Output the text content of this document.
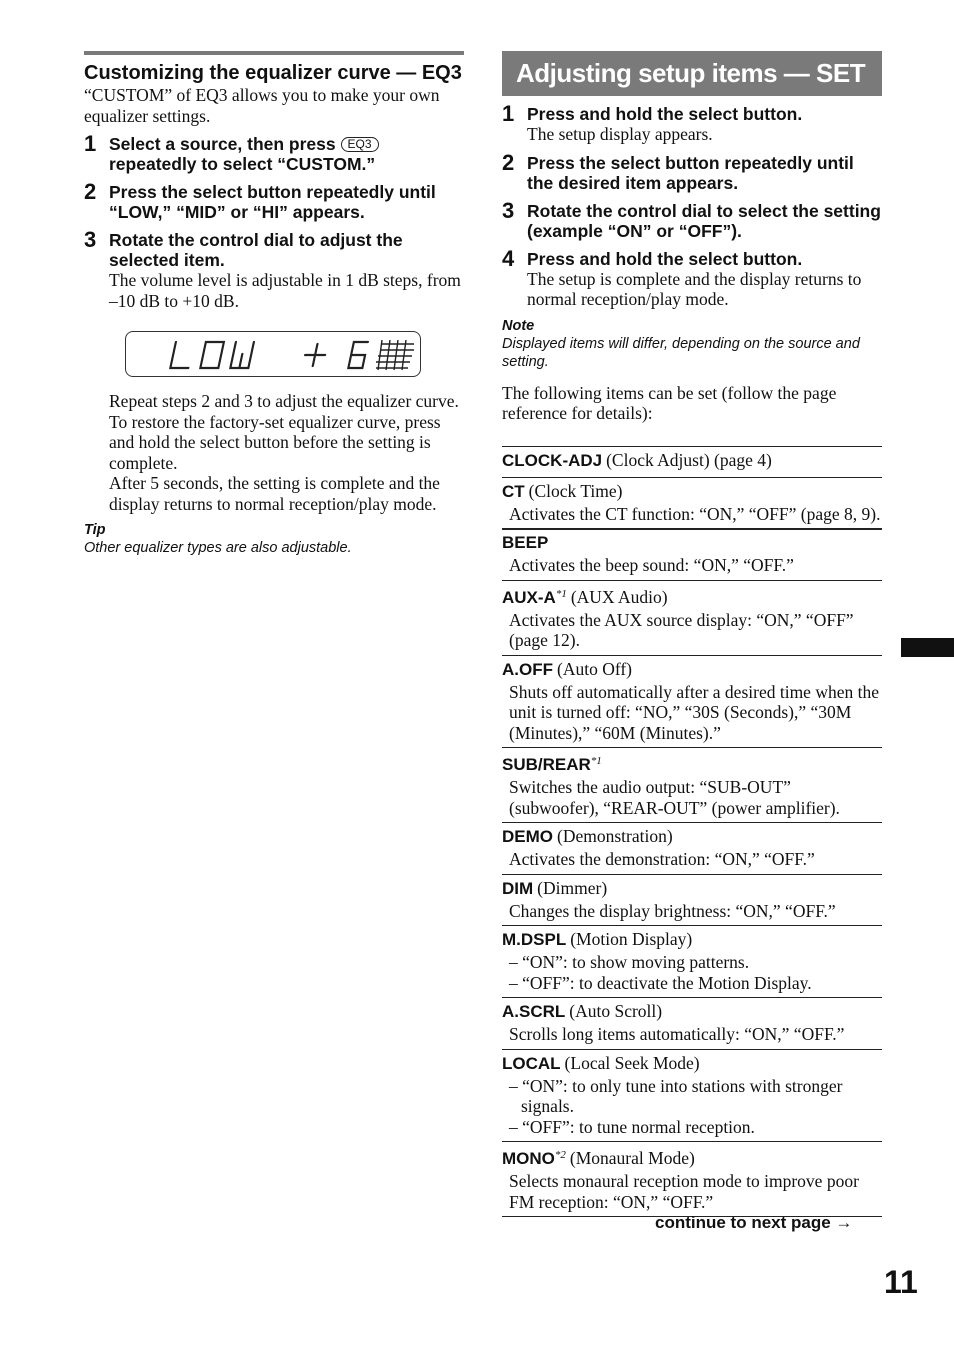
Customizing the equalizer curve — EQ3

“CUSTOM” of EQ3 allows you to make your own equalizer settings.

1 Select a source, then press EQ3
repeatedly to select “CUSTOM.”
2 Press the select button repeatedly until “LOW,” “MID” or “HI” appears.
3 Rotate the control dial to adjust the selected item.
The volume level is adjustable in 1 dB steps, from –10 dB to +10 dB.

Repeat steps 2 and 3 to adjust the equalizer curve.

To restore the factory-set equalizer curve, press and hold the select button before the setting is complete.

After 5 seconds, the setting is complete and the display returns to normal reception/play mode.

Tip
Other equalizer types are also adjustable.
Adjusting setup items — SET
1 Press and hold the select button.
The setup display appears.
2 Press the select button repeatedly until the desired item appears.
3 Rotate the control dial to select the setting (example “ON” or “OFF”).
4 Press and hold the select button.
The setup is complete and the display returns to normal reception/play mode.
Note
Displayed items will differ, depending on the source and setting.

The following items can be set (follow the page reference for details):

CLOCK-ADJ (Clock Adjust) (page 4)
CT (Clock Time)
Activates the CT function: “ON,” “OFF” (page 8, 9).
BEEP
Activates the beep sound: “ON,” “OFF.”
AUX-$A^{*1}$ (AUX Audio)
Activates the AUX source display: “ON,” “OFF” (page 12).
A.OFF (Auto Off)
Shuts off automatically after a desired time when the unit is turned off: “NO,” “30S (Seconds),” “30M (Minutes),” “60M (Minutes).”
SUB/REAR$^{*1}$
Switches the audio output: “SUB-OUT” (subwoofer), “REAR-OUT” (power amplifier).
DEMO (Demonstration)
Activates the demonstration: “ON,” “OFF.”
DIM (Dimmer)
Changes the display brightness: “ON,” “OFF.”
M.DSPL (Motion Display)
– “ON”: to show moving patterns.
– “OFF”: to deactivate the Motion Display.
A.SCRL (Auto Scroll)
Scrolls long items automatically: “ON,” “OFF.”
LOCAL (Local Seek Mode)
– “ON”: to only tune into stations with stronger
signals.
– “OFF”: to tune normal reception.
MONO$^{*2}$ (Monaural Mode)
Selects monaural reception mode to improve poor FM reception: “ON,” “OFF.”
continue to next page →
11
